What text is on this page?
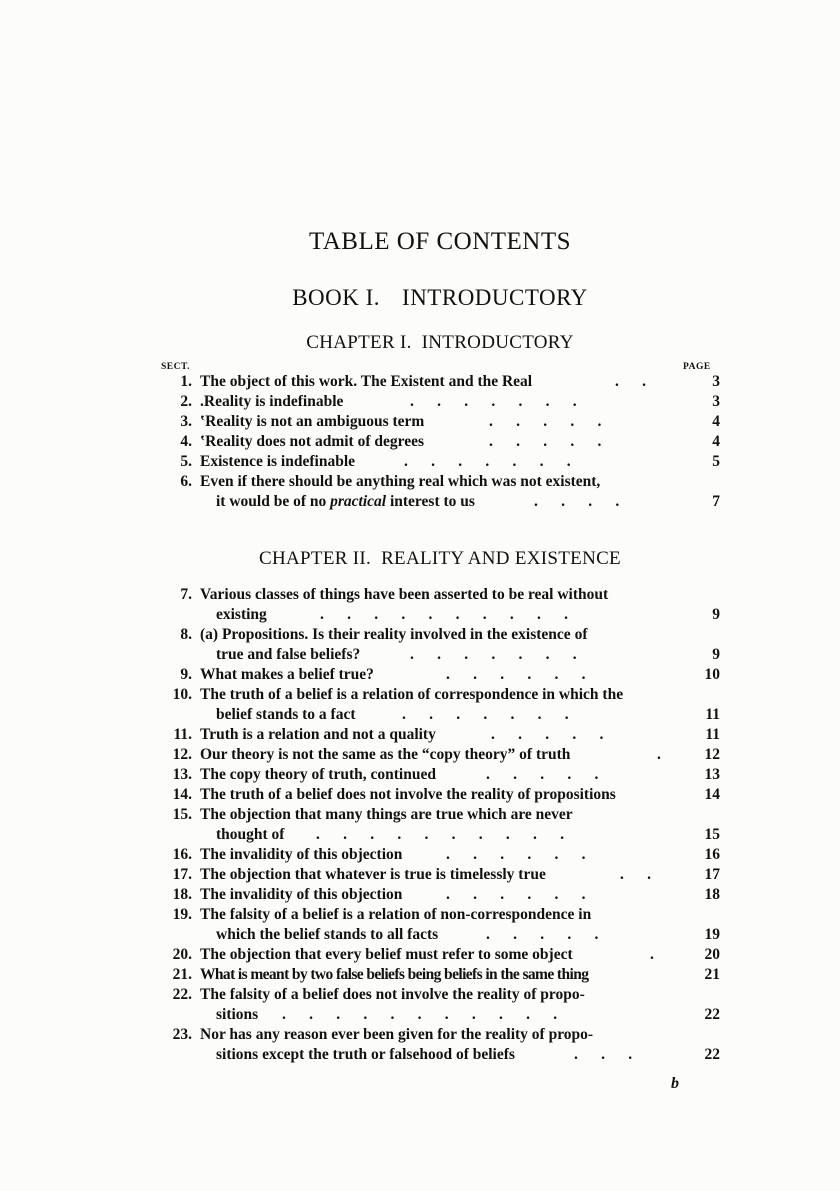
TABLE OF CONTENTS
BOOK I. INTRODUCTORY
CHAPTER I. INTRODUCTORY
SECT.	PAGE
CHAPTER II. REALITY AND EXISTENCE
1. The object of this work. The Existent and the Real	.      .	3
2. .Reality is indefinable	.      .      .      .      .      .      .	3
3. ‛Reality is not an ambiguous term	.      .      .      .      .	4
4. ‛Reality does not admit of degrees	.      .      .      .      .	4
5. Existence is indefinable	.      .      .      .      .      .      .	5
6. Even if there should be anything real which was not existent,
it would be of no practical interest to us	.      .      .      .	7
7. Various classes of things have been asserted to be real without
existing	.      .      .      .      .      .      .      .      .      .	9
8. (a) Propositions. Is their reality involved in the existence of
true and false beliefs?	.      .      .      .      .      .      .	9
9. What makes a belief true?	.      .      .      .      .      .	10
10. The truth of a belief is a relation of correspondence in which the
belief stands to a fact	.      .      .      .      .      .      .	11
11. Truth is a relation and not a quality	.      .      .      .      .	11
12. Our theory is not the same as the “copy theory” of truth	.	12
13. The copy theory of truth, continued	.      .      .      .      .	13
14. The truth of a belief does not involve the reality of propositions	14
15. The objection that many things are true which are never
thought of .      .      .      .      .      .      .      .      .      .	15
16. The invalidity of this objection	.      .      .      .      .      .	16
17. The objection that whatever is true is timelessly true	.      .	17
18. The invalidity of this objection	.      .      .      .      .      .	18
19. The falsity of a belief is a relation of non-correspondence in
which the belief stands to all facts	.      .      .      .      .	19
20. The objection that every belief must refer to some object	.	20
21. What is meant by two false beliefs being beliefs in the same thing	21
22. The falsity of a belief does not involve the reality of propo-
sitions .      .      .      .      .      .      .      .      .      .      .	22
23. Nor has any reason ever been given for the reality of propo-
sitions except the truth or falsehood of beliefs	.      .      .	22
b
